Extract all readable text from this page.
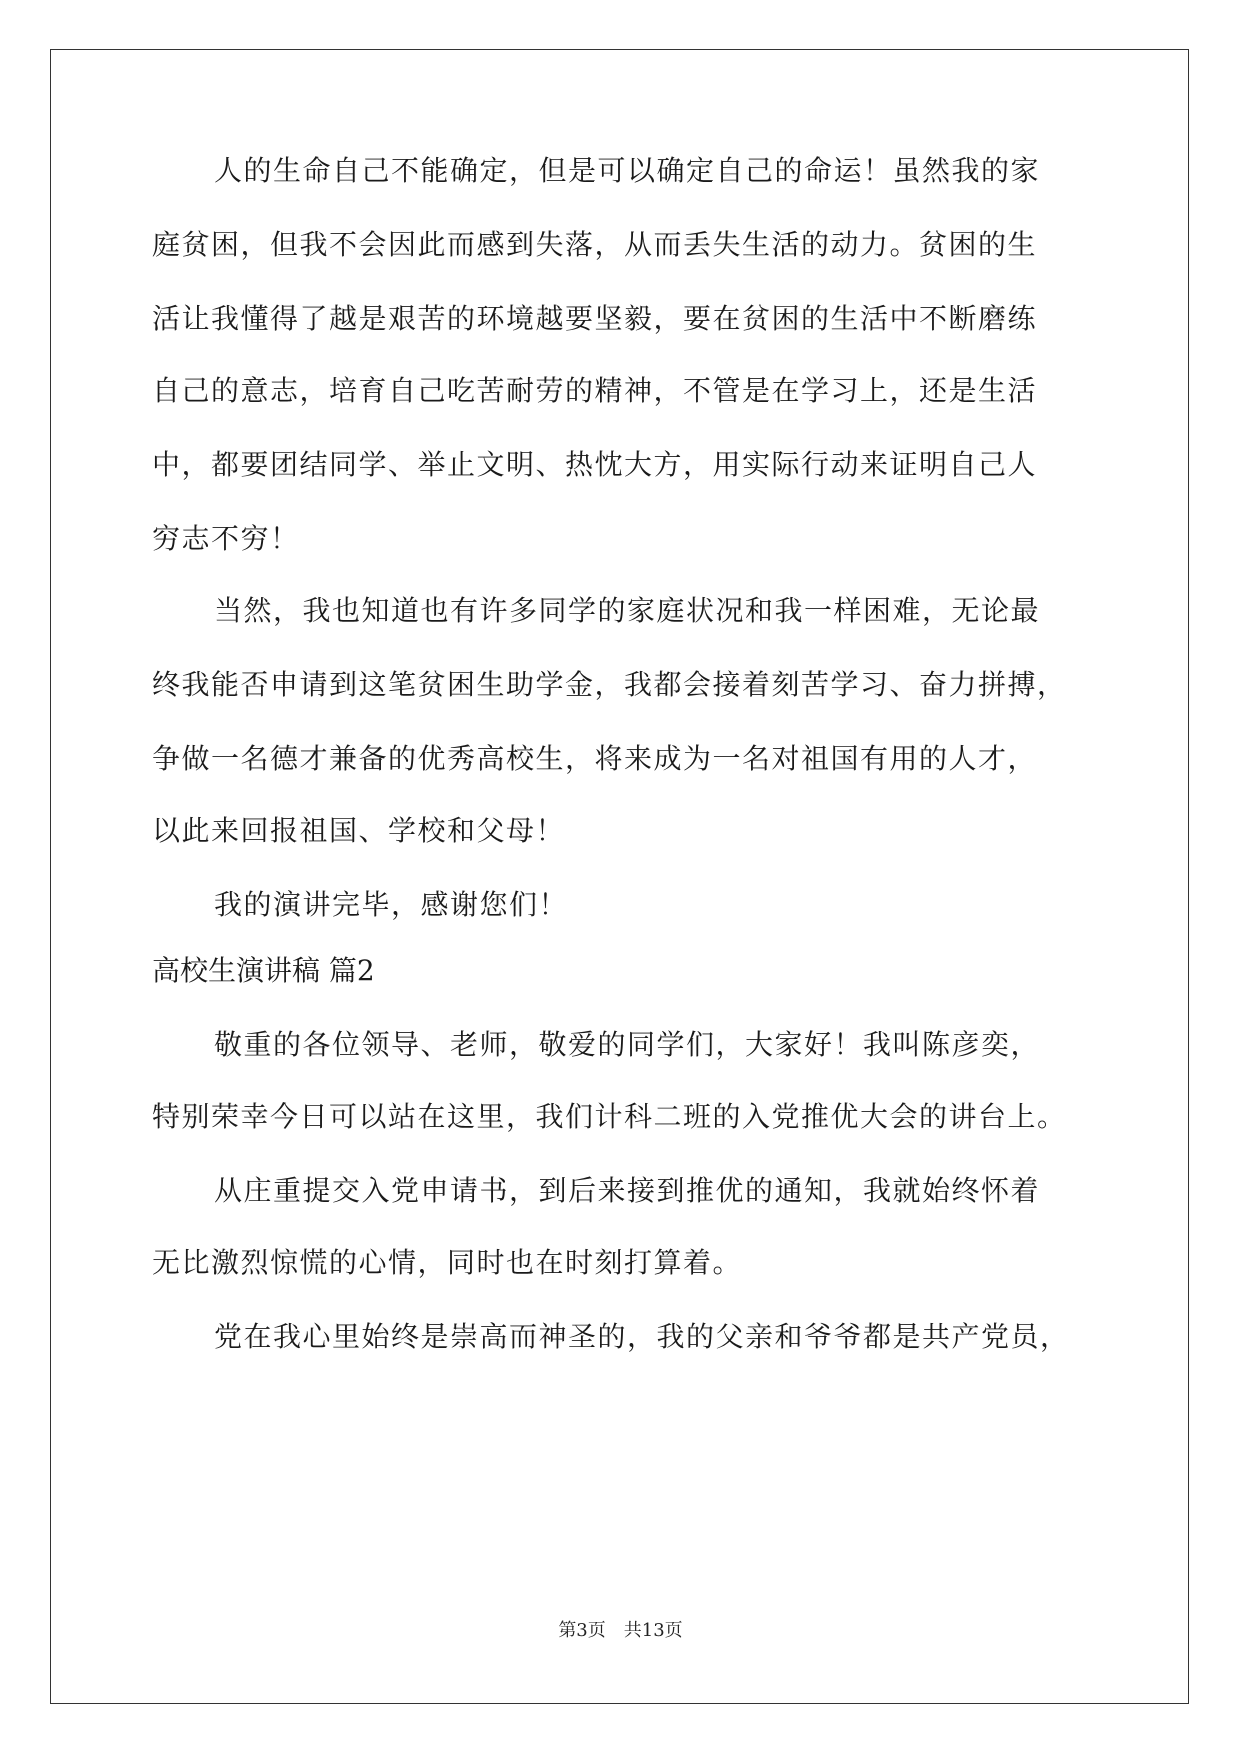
人的生命自己不能确定，但是可以确定自己的命运！虽然我的家
庭贫困，但我不会因此而感到失落，从而丢失生活的动力。贫困的生
活让我懂得了越是艰苦的环境越要坚毅，要在贫困的生活中不断磨练
自己的意志，培育自己吃苦耐劳的精神，不管是在学习上，还是生活
中，都要团结同学、举止文明、热忱大方，用实际行动来证明自己人
穷志不穷！
当然，我也知道也有许多同学的家庭状况和我一样困难，无论最
终我能否申请到这笔贫困生助学金，我都会接着刻苦学习、奋力拼搏，
争做一名德才兼备的优秀高校生，将来成为一名对祖国有用的人才，
以此来回报祖国、学校和父母！
我的演讲完毕，感谢您们！
高校生演讲稿 篇2
敬重的各位领导、老师，敬爱的同学们，大家好！我叫陈彦奕，
特别荣幸今日可以站在这里，我们计科二班的入党推优大会的讲台上。
从庄重提交入党申请书，到后来接到推优的通知，我就始终怀着
无比激烈惊慌的心情，同时也在时刻打算着。
党在我心里始终是崇高而神圣的，我的父亲和爷爷都是共产党员，
第3页 共13页
